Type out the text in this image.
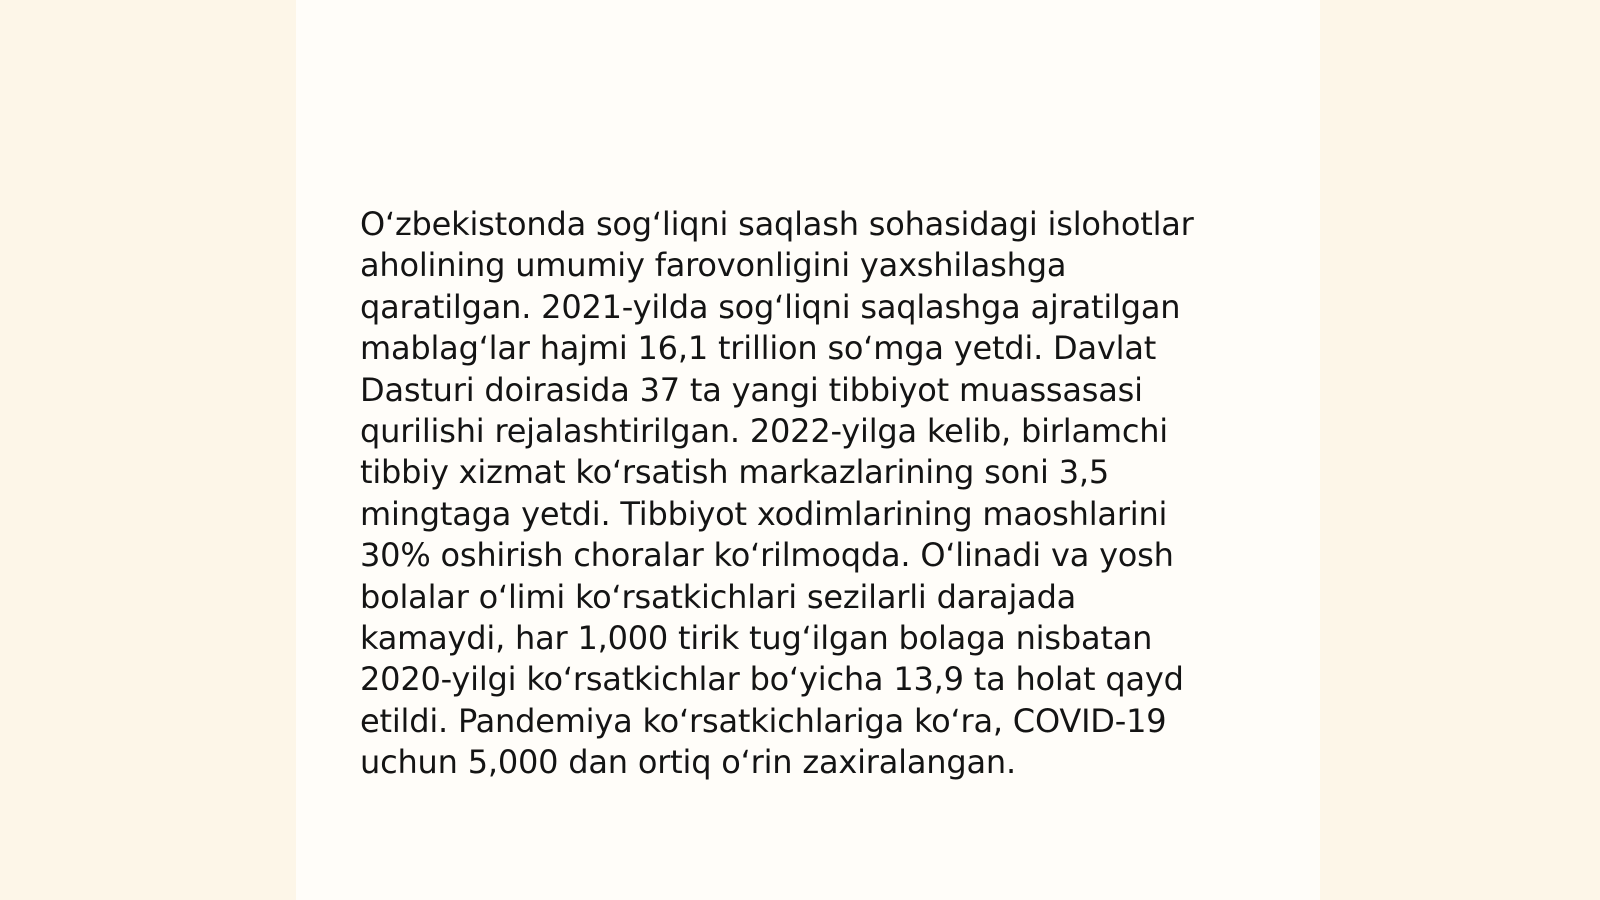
O‘zbekistonda sog‘liqni saqlash sohasidagi islohotlar
aholining umumiy farovonligini yaxshilashga
qaratilgan. 2021-yilda sog‘liqni saqlashga ajratilgan
mablag‘lar hajmi 16,1 trillion so‘mga yetdi. Davlat
Dasturi doirasida 37 ta yangi tibbiyot muassasasi
qurilishi rejalashtirilgan. 2022-yilga kelib, birlamchi
tibbiy xizmat ko‘rsatish markazlarining soni 3,5
mingtaga yetdi. Tibbiyot xodimlarining maoshlarini
30% oshirish choralar ko‘rilmoqda. O‘linadi va yosh
bolalar o‘limi ko‘rsatkichlari sezilarli darajada
kamaydi, har 1,000 tirik tug‘ilgan bolaga nisbatan
2020-yilgi ko‘rsatkichlar bo‘yicha 13,9 ta holat qayd
etildi. Pandemiya ko‘rsatkichlariga ko‘ra, COVID-19
uchun 5,000 dan ortiq o‘rin zaxiralangan.
